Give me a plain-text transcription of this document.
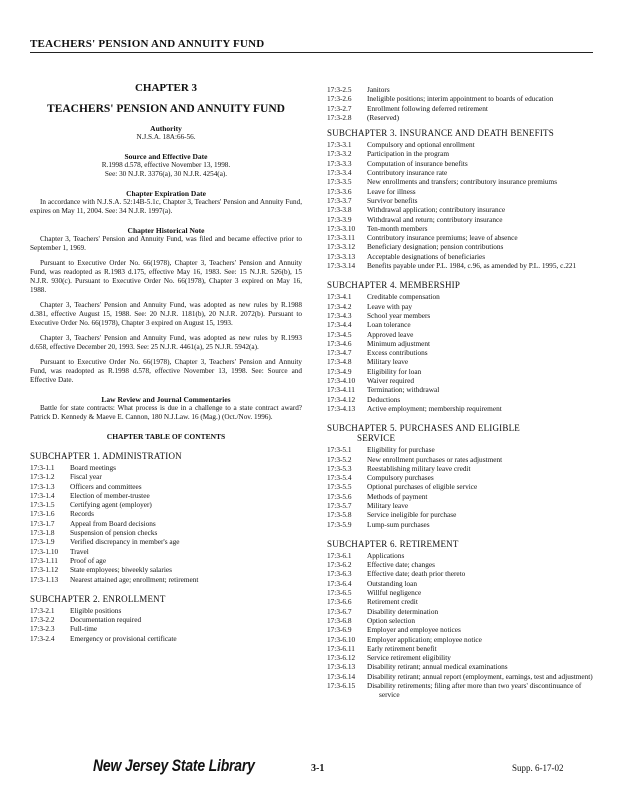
TEACHERS' PENSION AND ANNUITY FUND

CHAPTER 3

TEACHERS' PENSION AND ANNUITY FUND

Authority

N.J.S.A. 18A:66-56.

Source and Effective Date

R.1998 d.578, effective November 13, 1998.

See: 30 N.J.R. 3376(a), 30 N.J.R. 4254(a).

Chapter Expiration Date

In accordance with N.J.S.A. 52:14B-5.1c, Chapter 3, Teachers' Pension and Annuity Fund, expires on May 11, 2004. See: 34 N.J.R. 1997(a).

Chapter Historical Note

Chapter 3, Teachers' Pension and Annuity Fund, was filed and became effective prior to September 1, 1969.

Pursuant to Executive Order No. 66(1978), Chapter 3, Teachers' Pension and Annuity Fund, was readopted as R.1983 d.175, effective May 16, 1983. See: 15 N.J.R. 526(b), 15 N.J.R. 930(c). Pursuant to Executive Order No. 66(1978), Chapter 3 expired on May 16, 1988.

Chapter 3, Teachers' Pension and Annuity Fund, was adopted as new rules by R.1988 d.381, effective August 15, 1988. See: 20 N.J.R. 1181(b), 20 N.J.R. 2072(b). Pursuant to Executive Order No. 66(1978), Chapter 3 expired on August 15, 1993.

Chapter 3, Teachers' Pension and Annuity Fund, was adopted as new rules by R.1993 d.658, effective December 20, 1993. See: 25 N.J.R. 4461(a), 25 N.J.R. 5942(a).

Pursuant to Executive Order No. 66(1978), Chapter 3, Teachers' Pension and Annuity Fund, was readopted as R.1998 d.578, effective November 13, 1998. See: Source and Effective Date.

Law Review and Journal Commentaries

Battle for state contracts: What process is due in a challenge to a state contract award? Patrick D. Kennedy & Maeve E. Cannon, 180 N.J.Law. 16 (Mag.) (Oct./Nov. 1996).

CHAPTER TABLE OF CONTENTS

SUBCHAPTER 1. ADMINISTRATION

17:3-1.1	Board meetings
17:3-1.2	Fiscal year
17:3-1.3	Officers and committees
17:3-1.4	Election of member-trustee
17:3-1.5	Certifying agent (employer)
17:3-1.6	Records
17:3-1.7	Appeal from Board decisions
17:3-1.8	Suspension of pension checks
17:3-1.9	Verified discrepancy in member's age
17:3-1.10	Travel
17:3-1.11	Proof of age
17:3-1.12	State employees; biweekly salaries
17:3-1.13	Nearest attained age; enrollment; retirement

SUBCHAPTER 2. ENROLLMENT

17:3-2.1	Eligible positions
17:3-2.2	Documentation required
17:3-2.3	Full-time
17:3-2.4	Emergency or provisional certificate
17:3-2.5	Janitors
17:3-2.6	Ineligible positions; interim appointment to boards of education
17:3-2.7	Enrollment following deferred retirement
17:3-2.8	(Reserved)

SUBCHAPTER 3. INSURANCE AND DEATH BENEFITS

17:3-3.1	Compulsory and optional enrollment
17:3-3.2	Participation in the program
17:3-3.3	Computation of insurance benefits
17:3-3.4	Contributory insurance rate
17:3-3.5	New enrollments and transfers; contributory insurance premiums
17:3-3.6	Leave for illness
17:3-3.7	Survivor benefits
17:3-3.8	Withdrawal application; contributory insurance
17:3-3.9	Withdrawal and return; contributory insurance
17:3-3.10	Ten-month members
17:3-3.11	Contributory insurance premiums; leave of absence
17:3-3.12	Beneficiary designation; pension contributions
17:3-3.13	Acceptable designations of beneficiaries
17:3-3.14	Benefits payable under P.L. 1984, c.96, as amended by P.L. 1995, c.221

SUBCHAPTER 4. MEMBERSHIP

17:3-4.1	Creditable compensation
17:3-4.2	Leave with pay
17:3-4.3	School year members
17:3-4.4	Loan tolerance
17:3-4.5	Approved leave
17:3-4.6	Minimum adjustment
17:3-4.7	Excess contributions
17:3-4.8	Military leave
17:3-4.9	Eligibility for loan
17:3-4.10	Waiver required
17:3-4.11	Termination; withdrawal
17:3-4.12	Deductions
17:3-4.13	Active employment; membership requirement

SUBCHAPTER 5. PURCHASES AND ELIGIBLE

SERVICE

17:3-5.1	Eligibility for purchase
17:3-5.2	New enrollment purchases or rates adjustment
17:3-5.3	Reestablishing military leave credit
17:3-5.4	Compulsory purchases
17:3-5.5	Optional purchases of eligible service
17:3-5.6	Methods of payment
17:3-5.7	Military leave
17:3-5.8	Service ineligible for purchase
17:3-5.9	Lump-sum purchases

SUBCHAPTER 6. RETIREMENT

17:3-6.1	Applications
17:3-6.2	Effective date; changes
17:3-6.3	Effective date; death prior thereto
17:3-6.4	Outstanding loan
17:3-6.5	Willful negligence
17:3-6.6	Retirement credit
17:3-6.7	Disability determination
17:3-6.8	Option selection
17:3-6.9	Employer and employee notices
17:3-6.10	Employer application; employee notice
17:3-6.11	Early retirement benefit
17:3-6.12	Service retirement eligibility
17:3-6.13	Disability retirant; annual medical examinations
17:3-6.14	Disability retirant; annual report (employment, earnings, test and adjustment)
17:3-6.15	Disability retirements; filing after more than two years' discontinuance of service
New Jersey State Library	3-1	Supp. 6-17-02
